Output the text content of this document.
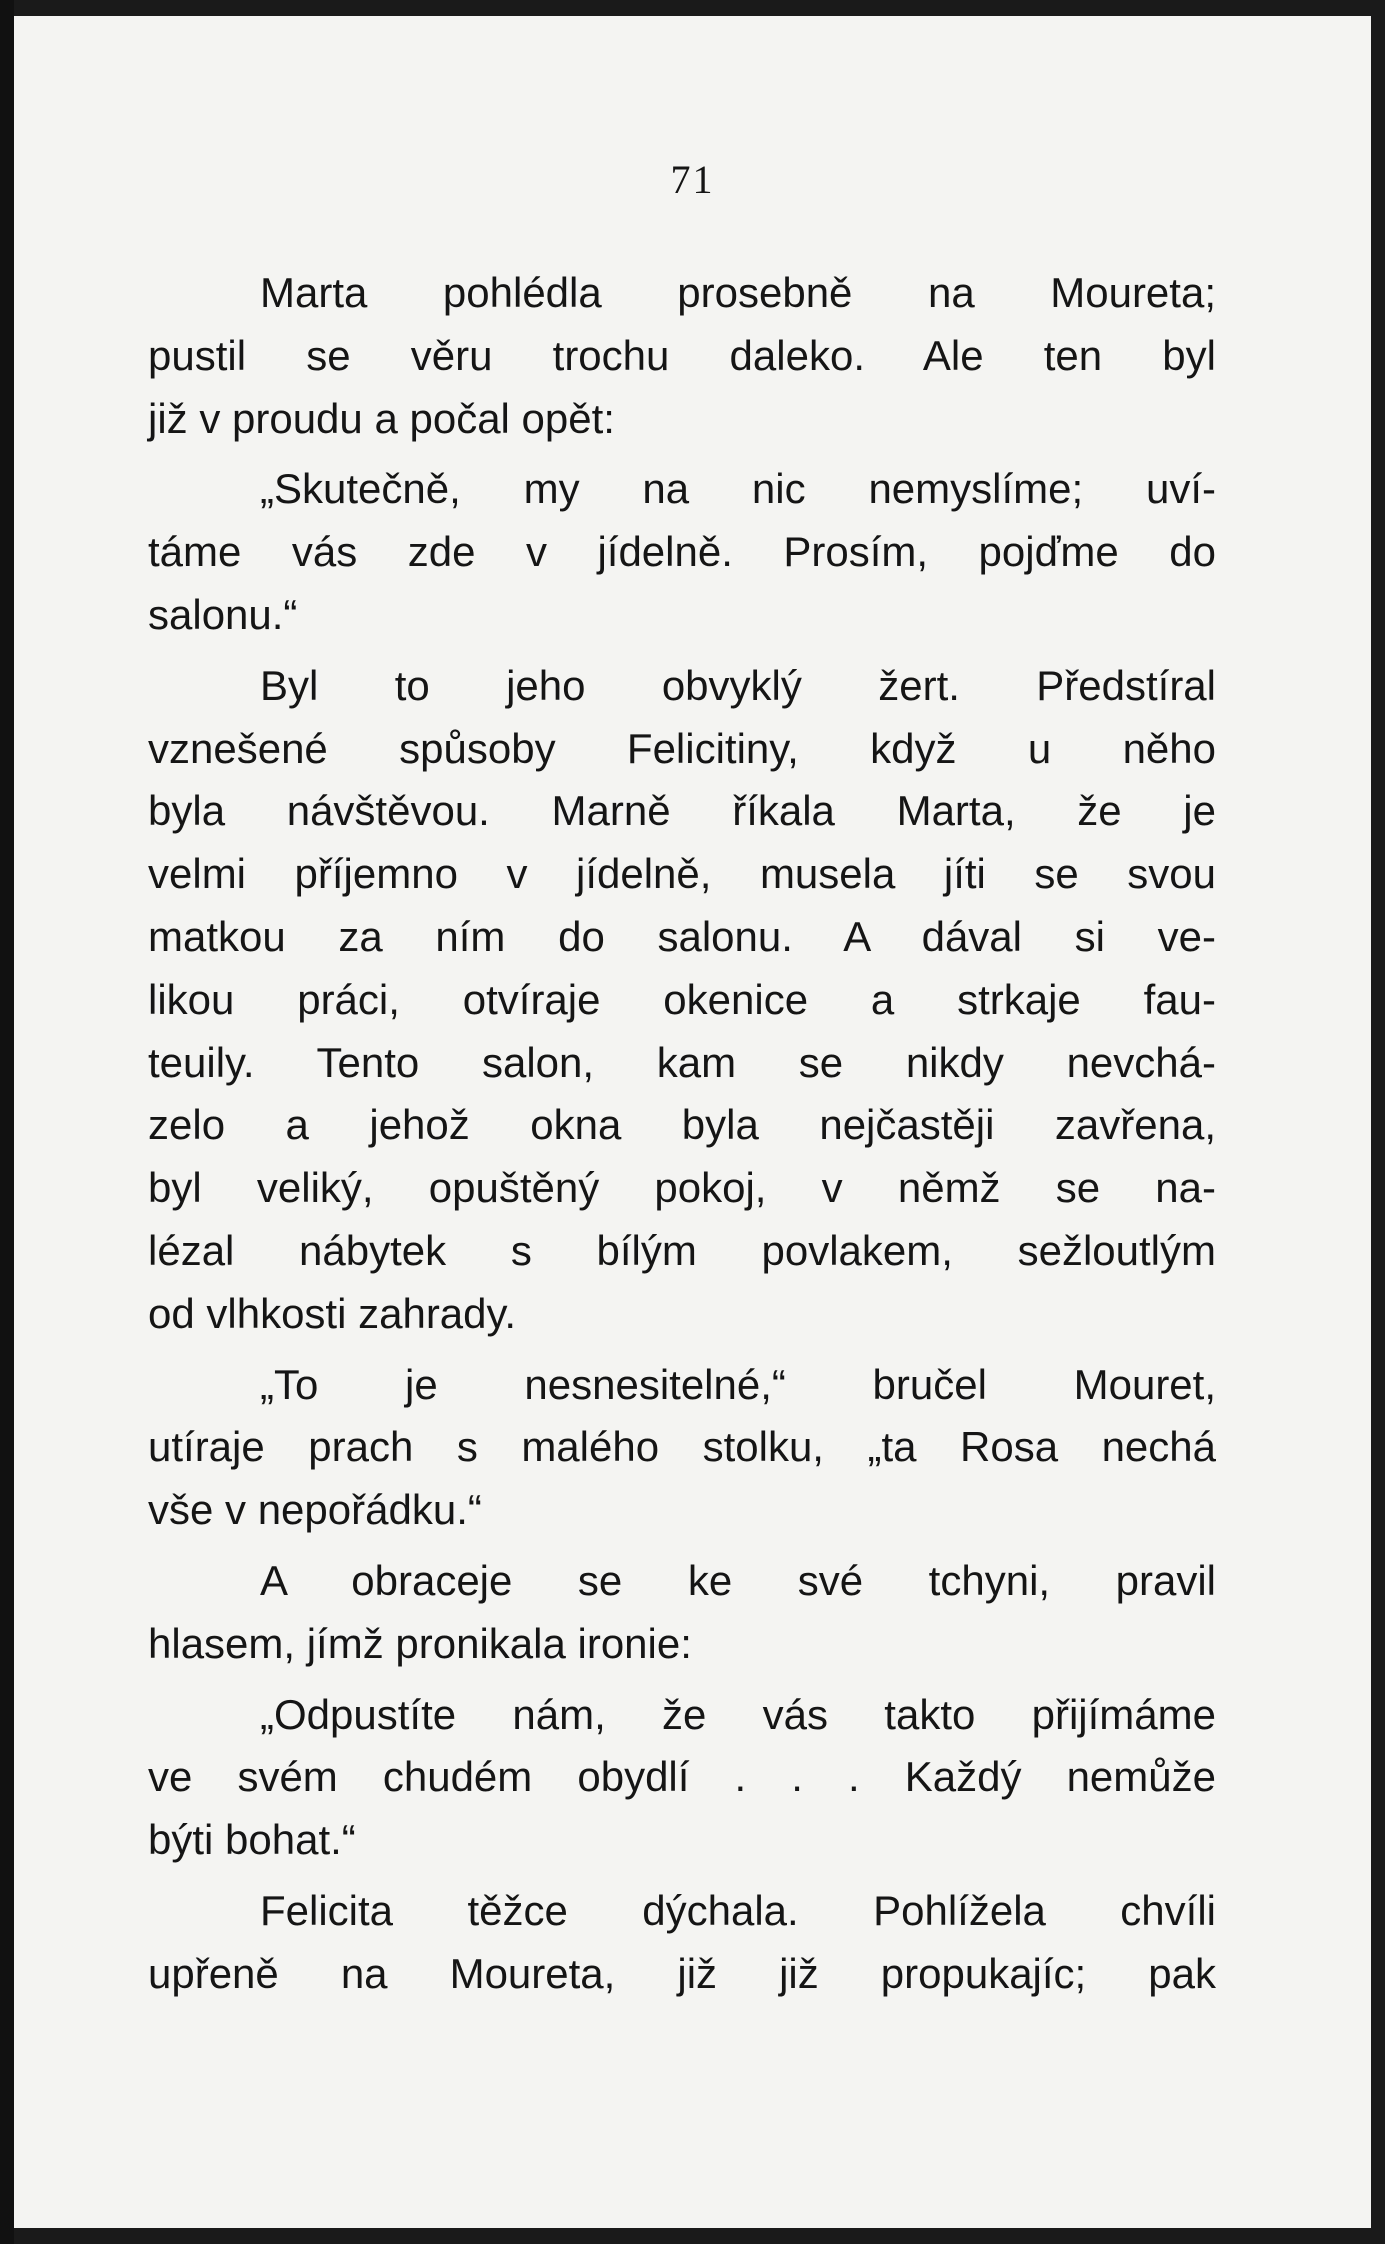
71
Marta pohlédla prosebně na Moureta;
pustil se věru trochu daleko. Ale ten byl
již v proudu a počal opět:
„Skutečně, my na nic nemyslíme; uví-
táme vás zde v jídelně. Prosím, pojďme do
salonu.“
Byl to jeho obvyklý žert. Předstíral
vznešené spůsoby Felicitiny, když u něho
byla návštěvou. Marně říkala Marta, že je
velmi příjemno v jídelně, musela jíti se svou
matkou za ním do salonu. A dával si ve-
likou práci, otvíraje okenice a strkaje fau-
teuily. Tento salon, kam se nikdy nevchá-
zelo a jehož okna byla nejčastěji zavřena,
byl veliký, opuštěný pokoj, v němž se na-
lézal nábytek s bílým povlakem, sežloutlým
od vlhkosti zahrady.
„To je nesnesitelné,“ bručel Mouret,
utíraje prach s malého stolku, „ta Rosa nechá
vše v nepořádku.“
A obraceje se ke své tchyni, pravil
hlasem, jímž pronikala ironie:
„Odpustíte nám, že vás takto přijímáme
ve svém chudém obydlí . . . Každý nemůže
býti bohat.“
Felicita těžce dýchala. Pohlížela chvíli
upřeně na Moureta, již již propukajíc; pak
